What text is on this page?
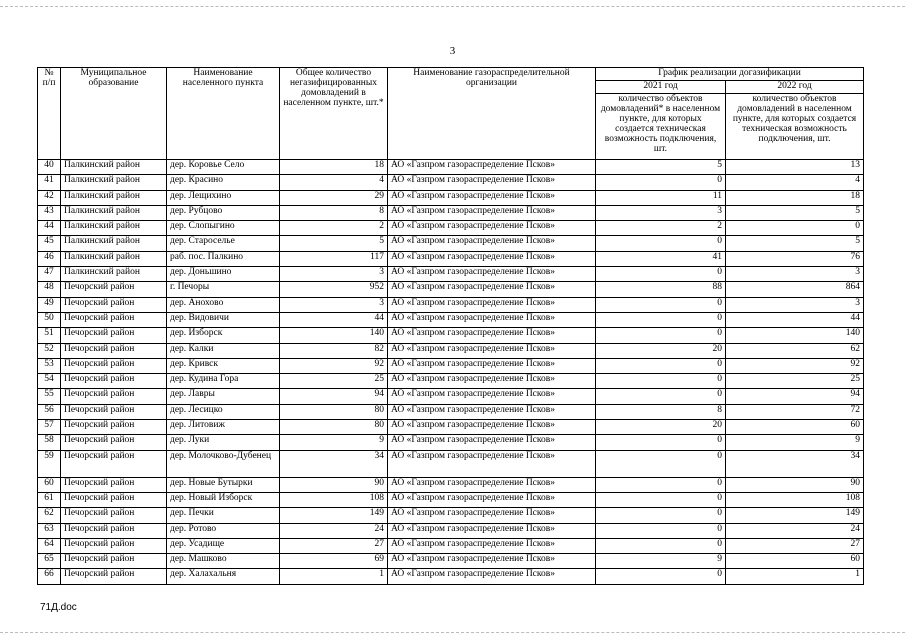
3
№ п/п	Муниципальное образование	Наименование населенного пункта	Общее количество негазифицированных домовладений в населенном пункте, шт.*	Наименование газораспределительной организации	График реализации догазификации	
					2021 год	2022 год
					количество объектов домовладений* в населенном пункте, для которых создается техническая возможность подключения, шт.	количество объектов домовладений в населенном пункте, для которых создается техническая возможность подключения, шт.
40	Палкинский район	дер. Коровье Село	18	АО «Газпром газораспределение Псков»	5	13
41	Палкинский район	дер. Красино	4	АО «Газпром газораспределение Псков»	0	4
42	Палкинский район	дер. Лещихино	29	АО «Газпром газораспределение Псков»	11	18
43	Палкинский район	дер. Рубцово	8	АО «Газпром газораспределение Псков»	3	5
44	Палкинский район	дер. Слопыгино	2	АО «Газпром газораспределение Псков»	2	0
45	Палкинский район	дер. Староселье	5	АО «Газпром газораспределение Псков»	0	5
46	Палкинский район	раб. пос. Палкино	117	АО «Газпром газораспределение Псков»	41	76
47	Палкинский район	дер. Доньшино	3	АО «Газпром газораспределение Псков»	0	3
48	Печорский район	г. Печоры	952	АО «Газпром газораспределение Псков»	88	864
49	Печорский район	дер. Анохово	3	АО «Газпром газораспределение Псков»	0	3
50	Печорский район	дер. Видовичи	44	АО «Газпром газораспределение Псков»	0	44
51	Печорский район	дер. Изборск	140	АО «Газпром газораспределение Псков»	0	140
52	Печорский район	дер. Калки	82	АО «Газпром газораспределение Псков»	20	62
53	Печорский район	дер. Кривск	92	АО «Газпром газораспределение Псков»	0	92
54	Печорский район	дер. Кудина Гора	25	АО «Газпром газораспределение Псков»	0	25
55	Печорский район	дер. Лавры	94	АО «Газпром газораспределение Псков»	0	94
56	Печорский район	дер. Лесицко	80	АО «Газпром газораспределение Псков»	8	72
57	Печорский район	дер. Литовиж	80	АО «Газпром газораспределение Псков»	20	60
58	Печорский район	дер. Луки	9	АО «Газпром газораспределение Псков»	0	9
59	Печорский район	дер. Молочково-Дубенец	34	АО «Газпром газораспределение Псков»	0	34
60	Печорский район	дер. Новые Бутырки	90	АО «Газпром газораспределение Псков»	0	90
61	Печорский район	дер. Новый Изборск	108	АО «Газпром газораспределение Псков»	0	108
62	Печорский район	дер. Печки	149	АО «Газпром газораспределение Псков»	0	149
63	Печорский район	дер. Ротово	24	АО «Газпром газораспределение Псков»	0	24
64	Печорский район	дер. Усадище	27	АО «Газпром газораспределение Псков»	0	27
65	Печорский район	дер. Машково	69	АО «Газпром газораспределение Псков»	9	60
66	Печорский район	дер. Халахальня	1	АО «Газпром газораспределение Псков»	0	1
71Д.doc
